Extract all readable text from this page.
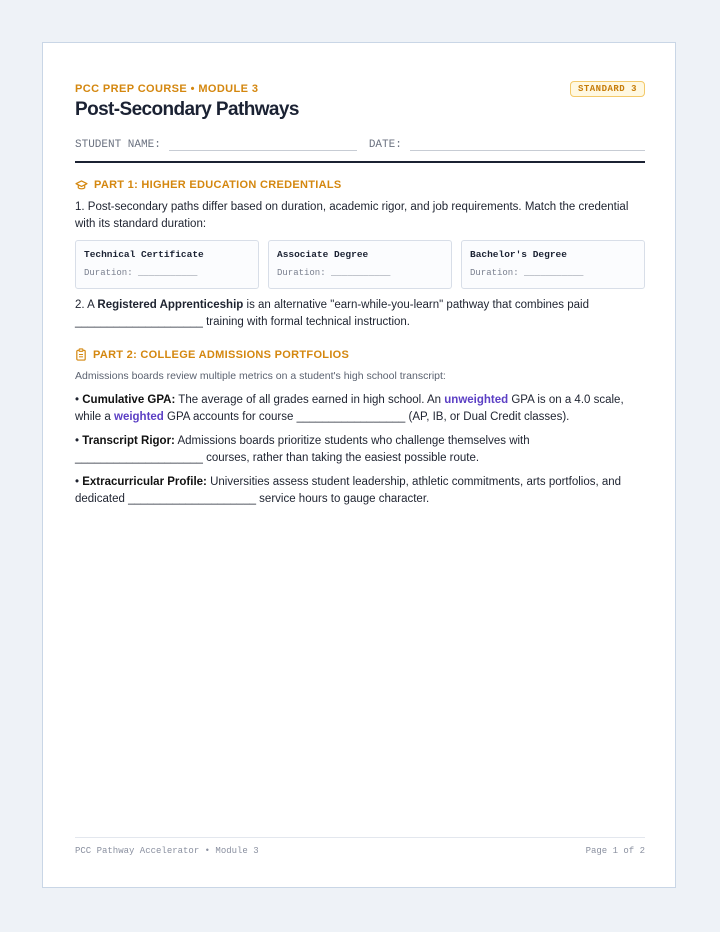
PCC PREP COURSE • MODULE 3	STANDARD 3
Post-Secondary Pathways
STUDENT NAME:	DATE:
PART 1: HIGHER EDUCATION CREDENTIALS
1. Post-secondary paths differ based on duration, academic rigor, and job requirements. Match the credential with its standard duration:
Technical Certificate
Duration: ___________
Associate Degree
Duration: ___________
Bachelor's Degree
Duration: ___________
2. A Registered Apprenticeship is an alternative "earn-while-you-learn" pathway that combines paid ____________________ training with formal technical instruction.
PART 2: COLLEGE ADMISSIONS PORTFOLIOS
Admissions boards review multiple metrics on a student's high school transcript:
• Cumulative GPA: The average of all grades earned in high school. An unweighted GPA is on a 4.0 scale, while a weighted GPA accounts for course _________________ (AP, IB, or Dual Credit classes).
• Transcript Rigor: Admissions boards prioritize students who challenge themselves with ____________________ courses, rather than taking the easiest possible route.
• Extracurricular Profile: Universities assess student leadership, athletic commitments, arts portfolios, and dedicated ____________________ service hours to gauge character.
PCC Pathway Accelerator • Module 3	Page 1 of 2
